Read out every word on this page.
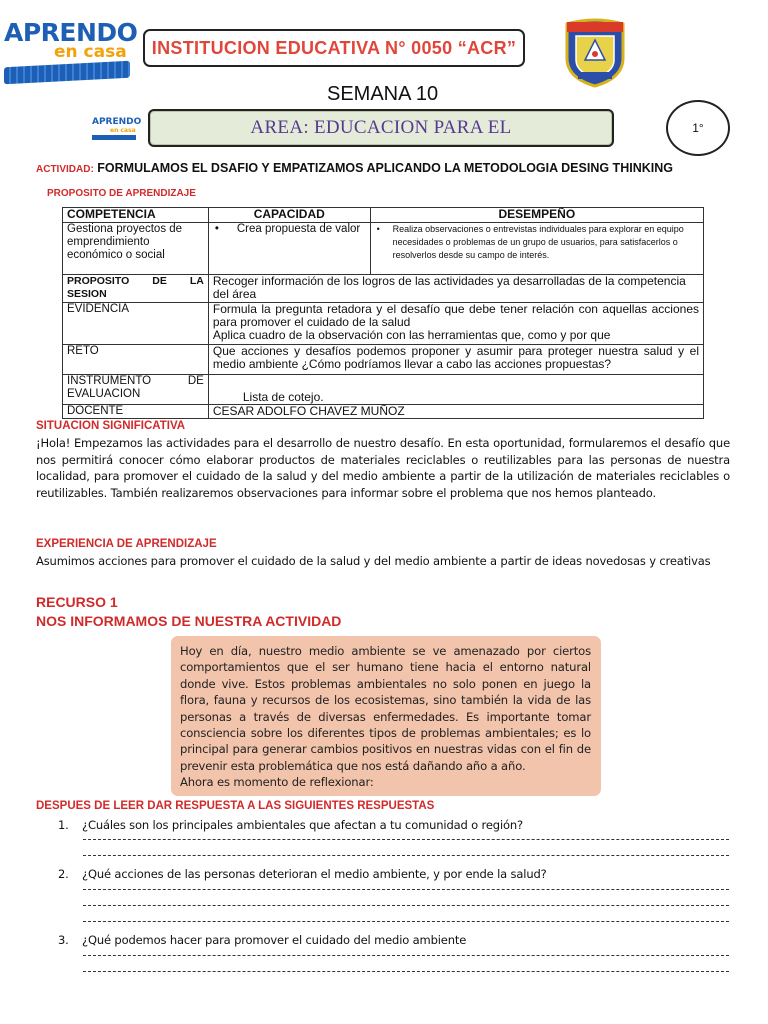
APRENDO
en casa	INSTITUCION EDUCATIVA N° 0050 “ACR”
SEMANA 10
APRENDO
en casa	AREA: EDUCACION PARA EL	1°
ACTIVIDAD: FORMULAMOS EL DSAFIO Y EMPATIZAMOS APLICANDO LA METODOLOGIA DESING THINKING
PROPOSITO DE APRENDIZAJE
COMPETENCIA	CAPACIDAD	DESEMPEÑO
Gestiona proyectos de emprendimiento económico o social	• Crea propuesta de valor	• Realiza observaciones o entrevistas individuales para explorar en equipo necesidades o problemas de un grupo de usuarios, para satisfacerlos o resolverlos desde su campo de interés.
PROPOSITO DE LA SESION	Recoger información de los logros de las actividades ya desarrolladas de la competencia del área	
EVIDENCIA	Formula la pregunta retadora y el desafío que debe tener relación con aquellas acciones para promover el cuidado de la salud
Aplica cuadro de la observación con las herramientas que, como y por que	

RETO	Que acciones y desafíos podemos proponer y asumir para proteger nuestra salud y el medio ambiente ¿Cómo podríamos llevar a cabo las acciones propuestas?	
INSTRUMENTO DE EVALUACION	Lista de cotejo.	
DOCENTE	CESAR ADOLFO CHAVEZ MUÑOZ	
SITUACION SIGNIFICATIVA
¡Hola! Empezamos las actividades para el desarrollo de nuestro desafío. En esta oportunidad, formularemos el desafío que nos permitirá conocer cómo elaborar productos de materiales reciclables o reutilizables para las personas de nuestra localidad, para promover el cuidado de la salud y del medio ambiente a partir de la utilización de materiales reciclables o reutilizables. También realizaremos observaciones para informar sobre el problema que nos hemos planteado.
EXPERIENCIA DE APRENDIZAJE
Asumimos acciones para promover el cuidado de la salud y del medio ambiente a partir de ideas novedosas y creativas
RECURSO 1
NOS INFORMAMOS DE NUESTRA ACTIVIDAD

Hoy en día, nuestro medio ambiente se ve amenazado por ciertos comportamientos que el ser humano tiene hacia el entorno natural donde vive. Estos problemas ambientales no solo ponen en juego la flora, fauna y recursos de los ecosistemas, sino también la vida de las personas a través de diversas enfermedades. Es importante tomar consciencia sobre los diferentes tipos de problemas ambientales; es lo principal para generar cambios positivos en nuestras vidas con el fin de prevenir esta problemática que nos está dañando año a año.

Ahora es momento de reflexionar:

DESPUES DE LEER DAR RESPUESTA A LAS SIGUIENTES RESPUESTAS
1. ¿Cuáles son los principales ambientales que afectan a tu comunidad o región?
2. ¿Qué acciones de las personas deterioran el medio ambiente, y por ende la salud?
3. ¿Qué podemos hacer para promover el cuidado del medio ambiente
